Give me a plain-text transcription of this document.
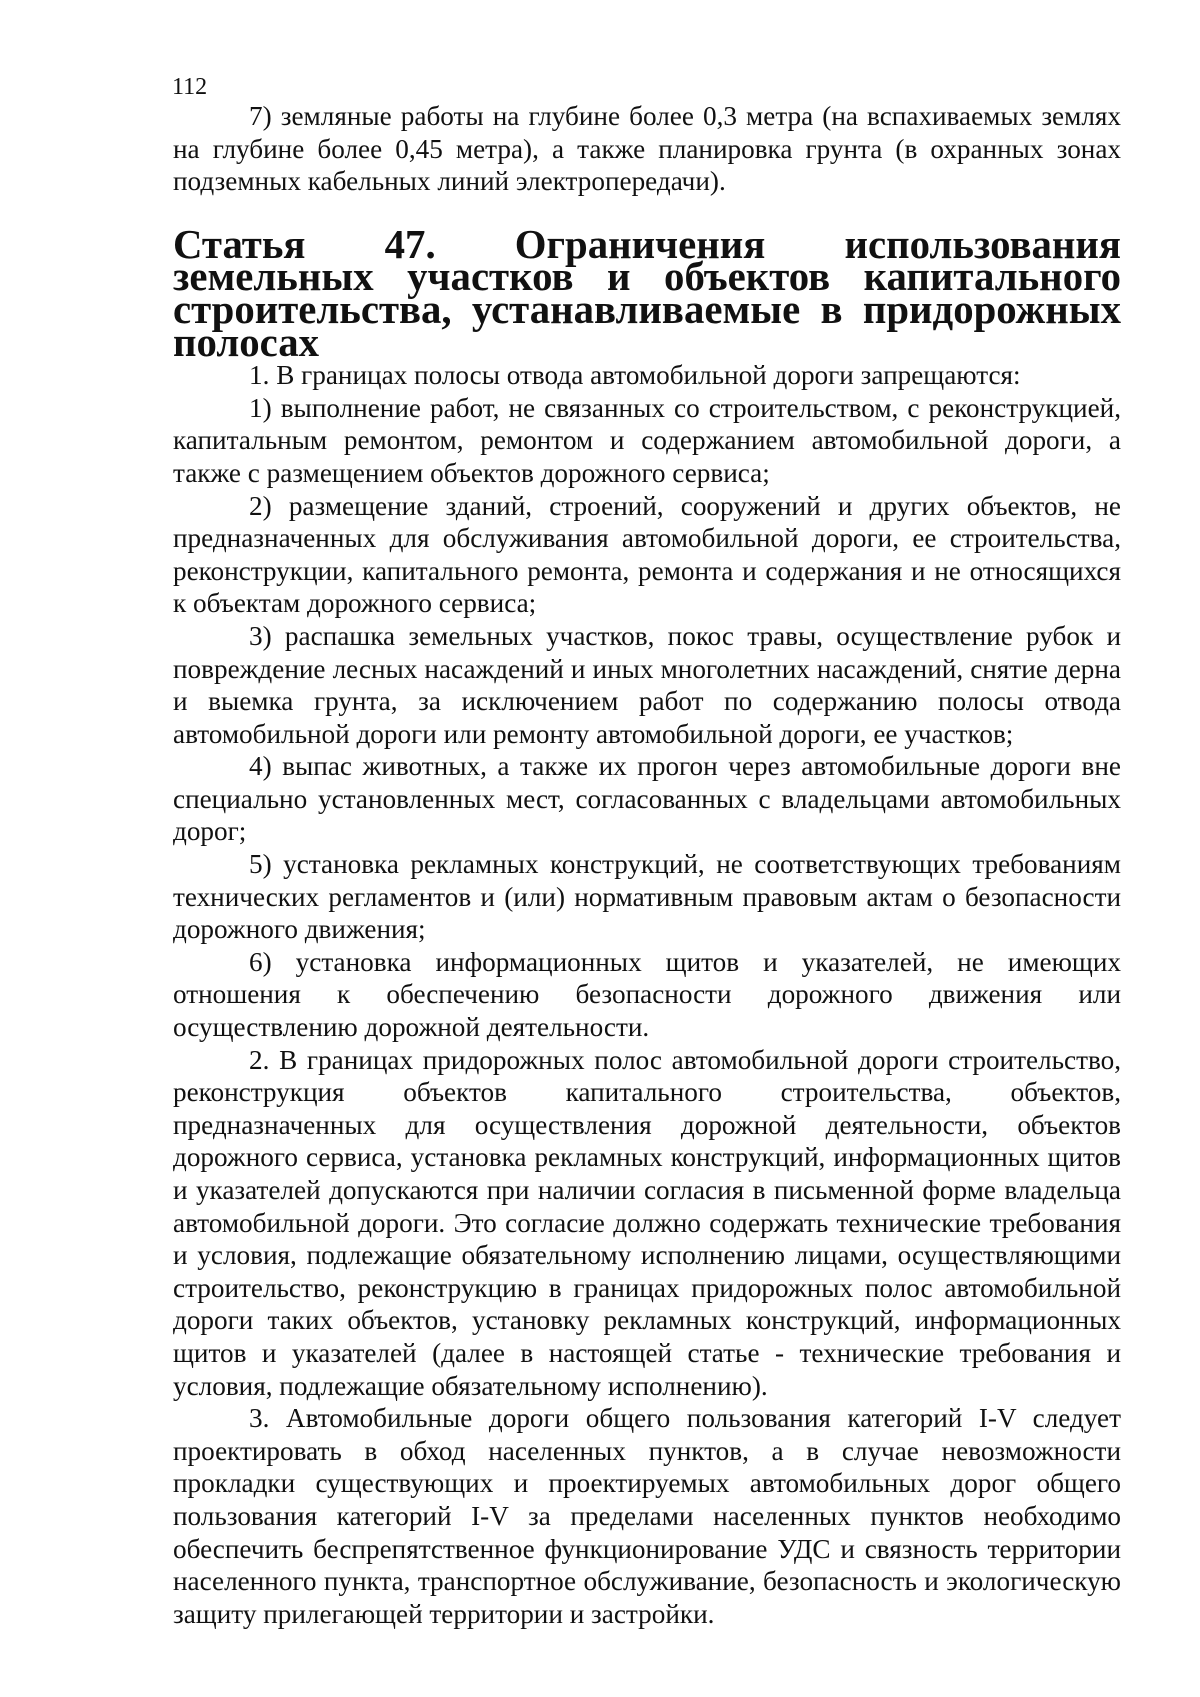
112

7) земляные работы на глубине более 0,3 метра (на вспахиваемых землях на глубине более 0,45 метра), а также планировка грунта (в охранных зонах подземных кабельных линий электропередачи).

Статья 47. Ограничения использования земельных участков и объектов капитального строительства, устанавливаемые в придорожных полосах

1. В границах полосы отвода автомобильной дороги запрещаются:

1) выполнение работ, не связанных со строительством, с реконструкцией, капитальным ремонтом, ремонтом и содержанием автомобильной дороги, а также с размещением объектов дорожного сервиса;

2) размещение зданий, строений, сооружений и других объектов, не предназначенных для обслуживания автомобильной дороги, ее строительства, реконструкции, капитального ремонта, ремонта и содержания и не относящихся к объектам дорожного сервиса;

3) распашка земельных участков, покос травы, осуществление рубок и повреждение лесных насаждений и иных многолетних насаждений, снятие дерна и выемка грунта, за исключением работ по содержанию полосы отвода автомобильной дороги или ремонту автомобильной дороги, ее участков;

4) выпас животных, а также их прогон через автомобильные дороги вне специально установленных мест, согласованных с владельцами автомобильных дорог;

5) установка рекламных конструкций, не соответствующих требованиям технических регламентов и (или) нормативным правовым актам о безопасности дорожного движения;

6) установка информационных щитов и указателей, не имеющих отношения к обеспечению безопасности дорожного движения или осуществлению дорожной деятельности.

2. В границах придорожных полос автомобильной дороги строительство, реконструкция объектов капитального строительства, объектов, предназначенных для осуществления дорожной деятельности, объектов дорожного сервиса, установка рекламных конструкций, информационных щитов и указателей допускаются при наличии согласия в письменной форме владельца автомобильной дороги. Это согласие должно содержать технические требования и условия, подлежащие обязательному исполнению лицами, осуществляющими строительство, реконструкцию в границах придорожных полос автомобильной дороги таких объектов, установку рекламных конструкций, информационных щитов и указателей (далее в настоящей статье - технические требования и условия, подлежащие обязательному исполнению).

3. Автомобильные дороги общего пользования категорий I-V следует проектировать в обход населенных пунктов, а в случае невозможности прокладки существующих и проектируемых автомобильных дорог общего пользования категорий I-V за пределами населенных пунктов необходимо обеспечить беспрепятственное функционирование УДС и связность территории населенного пункта, транспортное обслуживание, безопасность и экологическую защиту прилегающей территории и застройки.
